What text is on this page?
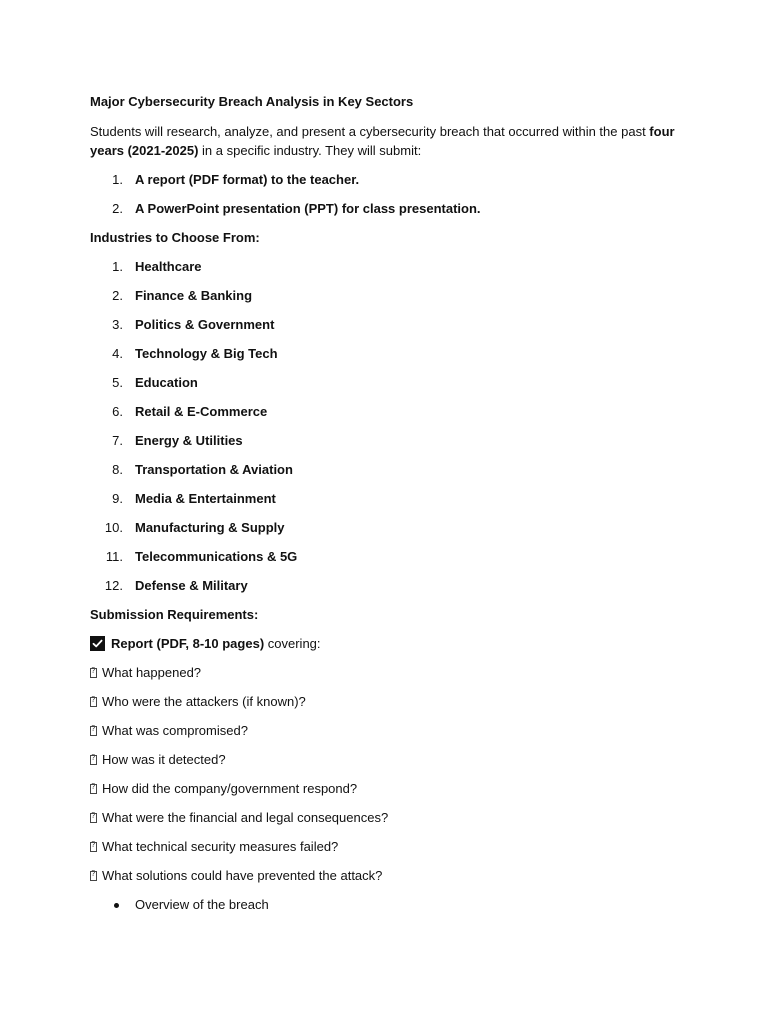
Major Cybersecurity Breach Analysis in Key Sectors

Students will research, analyze, and present a cybersecurity breach that occurred within the past four years (2021-2025) in a specific industry. They will submit:
1. A report (PDF format) to the teacher.
2. A PowerPoint presentation (PPT) for class presentation.
Industries to Choose From:
1. Healthcare
2. Finance & Banking
3. Politics & Government
4. Technology & Big Tech
5. Education
6. Retail & E-Commerce
7. Energy & Utilities
8. Transportation & Aviation
9. Media & Entertainment
10. Manufacturing & Supply
11. Telecommunications & 5G
12. Defense & Military
Submission Requirements:
Report (PDF, 8-10 pages) covering:
?What happened?
?Who were the attackers (if known)?
?What was compromised?
?How was it detected?
?How did the company/government respond?
?What were the financial and legal consequences?
?What technical security measures failed?
?What solutions could have prevented the attack?
Overview of the breach
